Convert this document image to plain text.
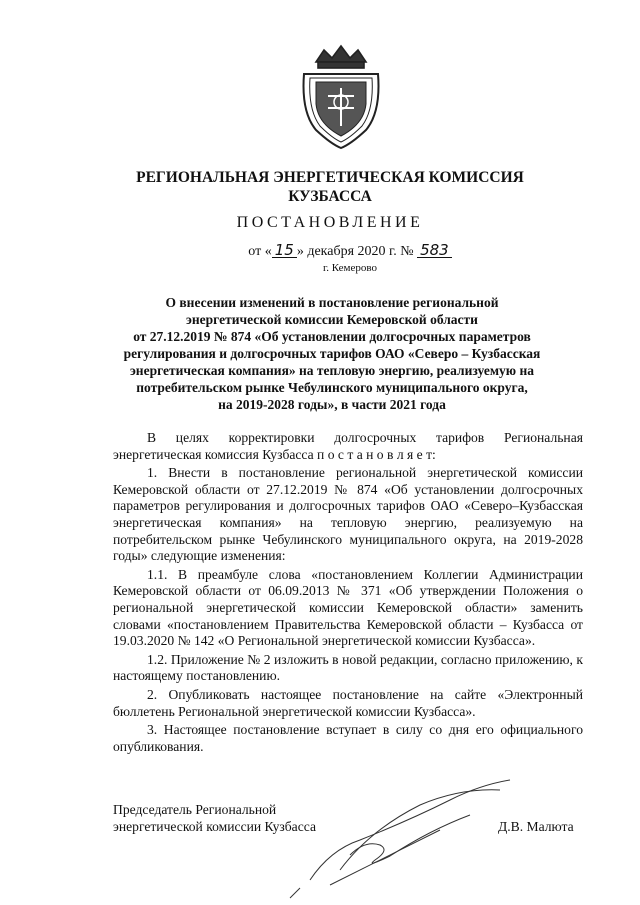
РЕГИОНАЛЬНАЯ ЭНЕРГЕТИЧЕСКАЯ КОМИССИЯ
КУЗБАССА
ПОСТАНОВЛЕНИЕ
от « 15 » декабря 2020 г. № 583
г. Кемерово
О внесении изменений в постановление региональной
энергетической комиссии Кемеровской области
от 27.12.2019 № 874 «Об установлении долгосрочных параметров
регулирования и долгосрочных тарифов ОАО «Северо – Кузбасская
энергетическая компания» на тепловую энергию, реализуемую на
потребительском рынке Чебулинского муниципального округа,
на 2019-2028 годы», в части 2021 года

В целях корректировки долгосрочных тарифов Региональная энергетическая комиссия Кузбасса п о с т а н о в л я е т:

1. Внести в постановление региональной энергетической комиссии Кемеровской области от 27.12.2019 № 874 «Об установлении долгосрочных параметров регулирования и долгосрочных тарифов ОАО «Северо–Кузбасская энергетическая компания» на тепловую энергию, реализуемую на потребительском рынке Чебулинского муниципального округа, на 2019-2028 годы» следующие изменения:

1.1. В преамбуле слова «постановлением Коллегии Администрации Кемеровской области от 06.09.2013 № 371 «Об утверждении Положения о региональной энергетической комиссии Кемеровской области» заменить словами «постановлением Правительства Кемеровской области – Кузбасса от 19.03.2020 № 142 «О Региональной энергетической комиссии Кузбасса».

1.2. Приложение № 2 изложить в новой редакции, согласно приложению, к настоящему постановлению.

2. Опубликовать настоящее постановление на сайте «Электронный бюллетень Региональной энергетической комиссии Кузбасса».

3. Настоящее постановление вступает в силу со дня его официального опубликования.

Председатель Региональной
энергетической комиссии Кузбасса	Д.В. Малюта
